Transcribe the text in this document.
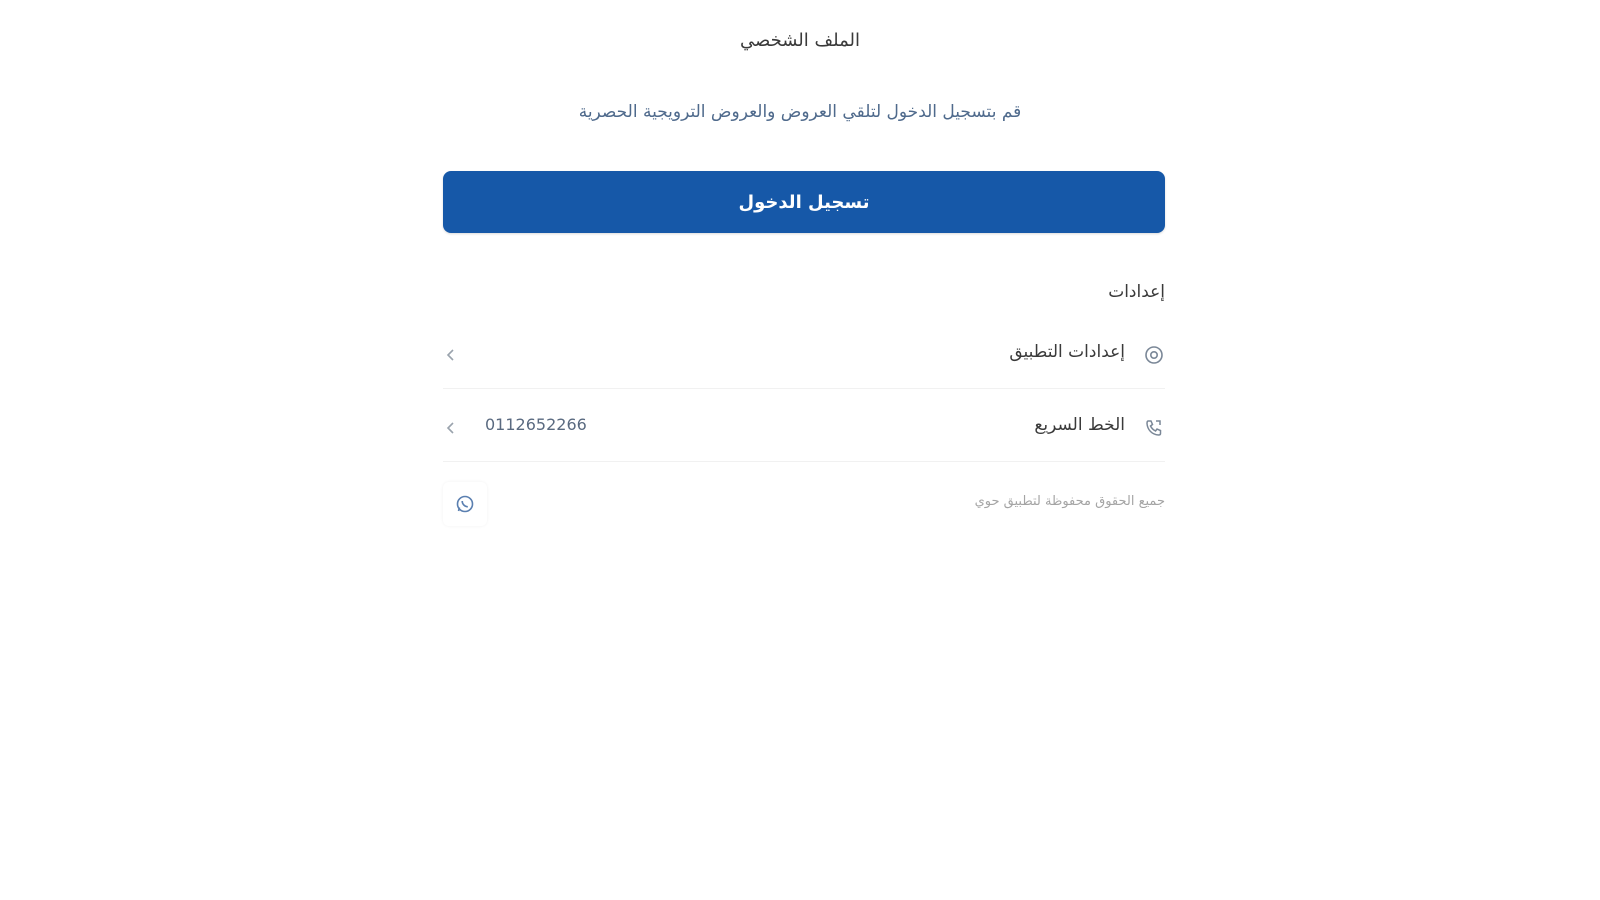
الملف الشخصي
قم بتسجيل الدخول لتلقي العروض والعروض الترويجية الحصرية
تسجيل الدخول
إعدادات
إعدادات التطبيق
الخط السريع
0112652266
جميع الحقوق محفوظة لتطبيق حوي
